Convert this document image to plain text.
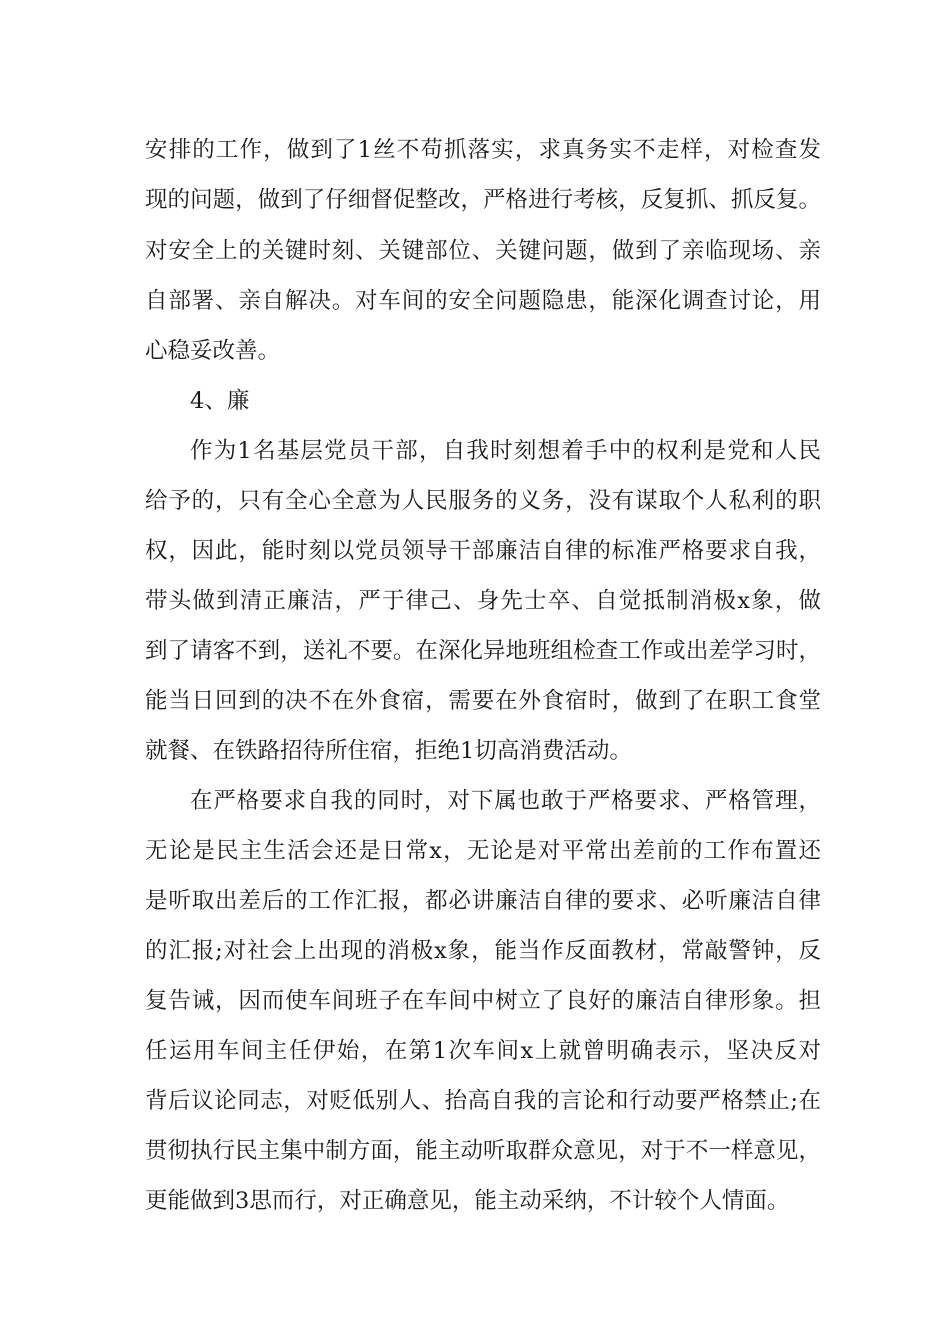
安排的工作，做到了1丝不苟抓落实，求真务实不走样，对检查发
现的问题，做到了仔细督促整改，严格进行考核，反复抓、抓反复。
对安全上的关键时刻、关键部位、关键问题，做到了亲临现场、亲
自部署、亲自解决。对车间的安全问题隐患，能深化调查讨论，用
心稳妥改善。
4、廉
作为1名基层党员干部，自我时刻想着手中的权利是党和人民
给予的，只有全心全意为人民服务的义务，没有谋取个人私利的职
权，因此，能时刻以党员领导干部廉洁自律的标准严格要求自我，
带头做到清正廉洁，严于律己、身先士卒、自觉抵制消极x象，做
到了请客不到，送礼不要。在深化异地班组检查工作或出差学习时，
能当日回到的决不在外食宿，需要在外食宿时，做到了在职工食堂
就餐、在铁路招待所住宿，拒绝1切高消费活动。
在严格要求自我的同时，对下属也敢于严格要求、严格管理，
无论是民主生活会还是日常x，无论是对平常出差前的工作布置还
是听取出差后的工作汇报，都必讲廉洁自律的要求、必听廉洁自律
的汇报;对社会上出现的消极x象，能当作反面教材，常敲警钟，反
复告诫，因而使车间班子在车间中树立了良好的廉洁自律形象。担
任运用车间主任伊始，在第1次车间x上就曾明确表示，坚决反对
背后议论同志，对贬低别人、抬高自我的言论和行动要严格禁止;在
贯彻执行民主集中制方面，能主动听取群众意见，对于不一样意见，
更能做到3思而行，对正确意见，能主动采纳，不计较个人情面。
